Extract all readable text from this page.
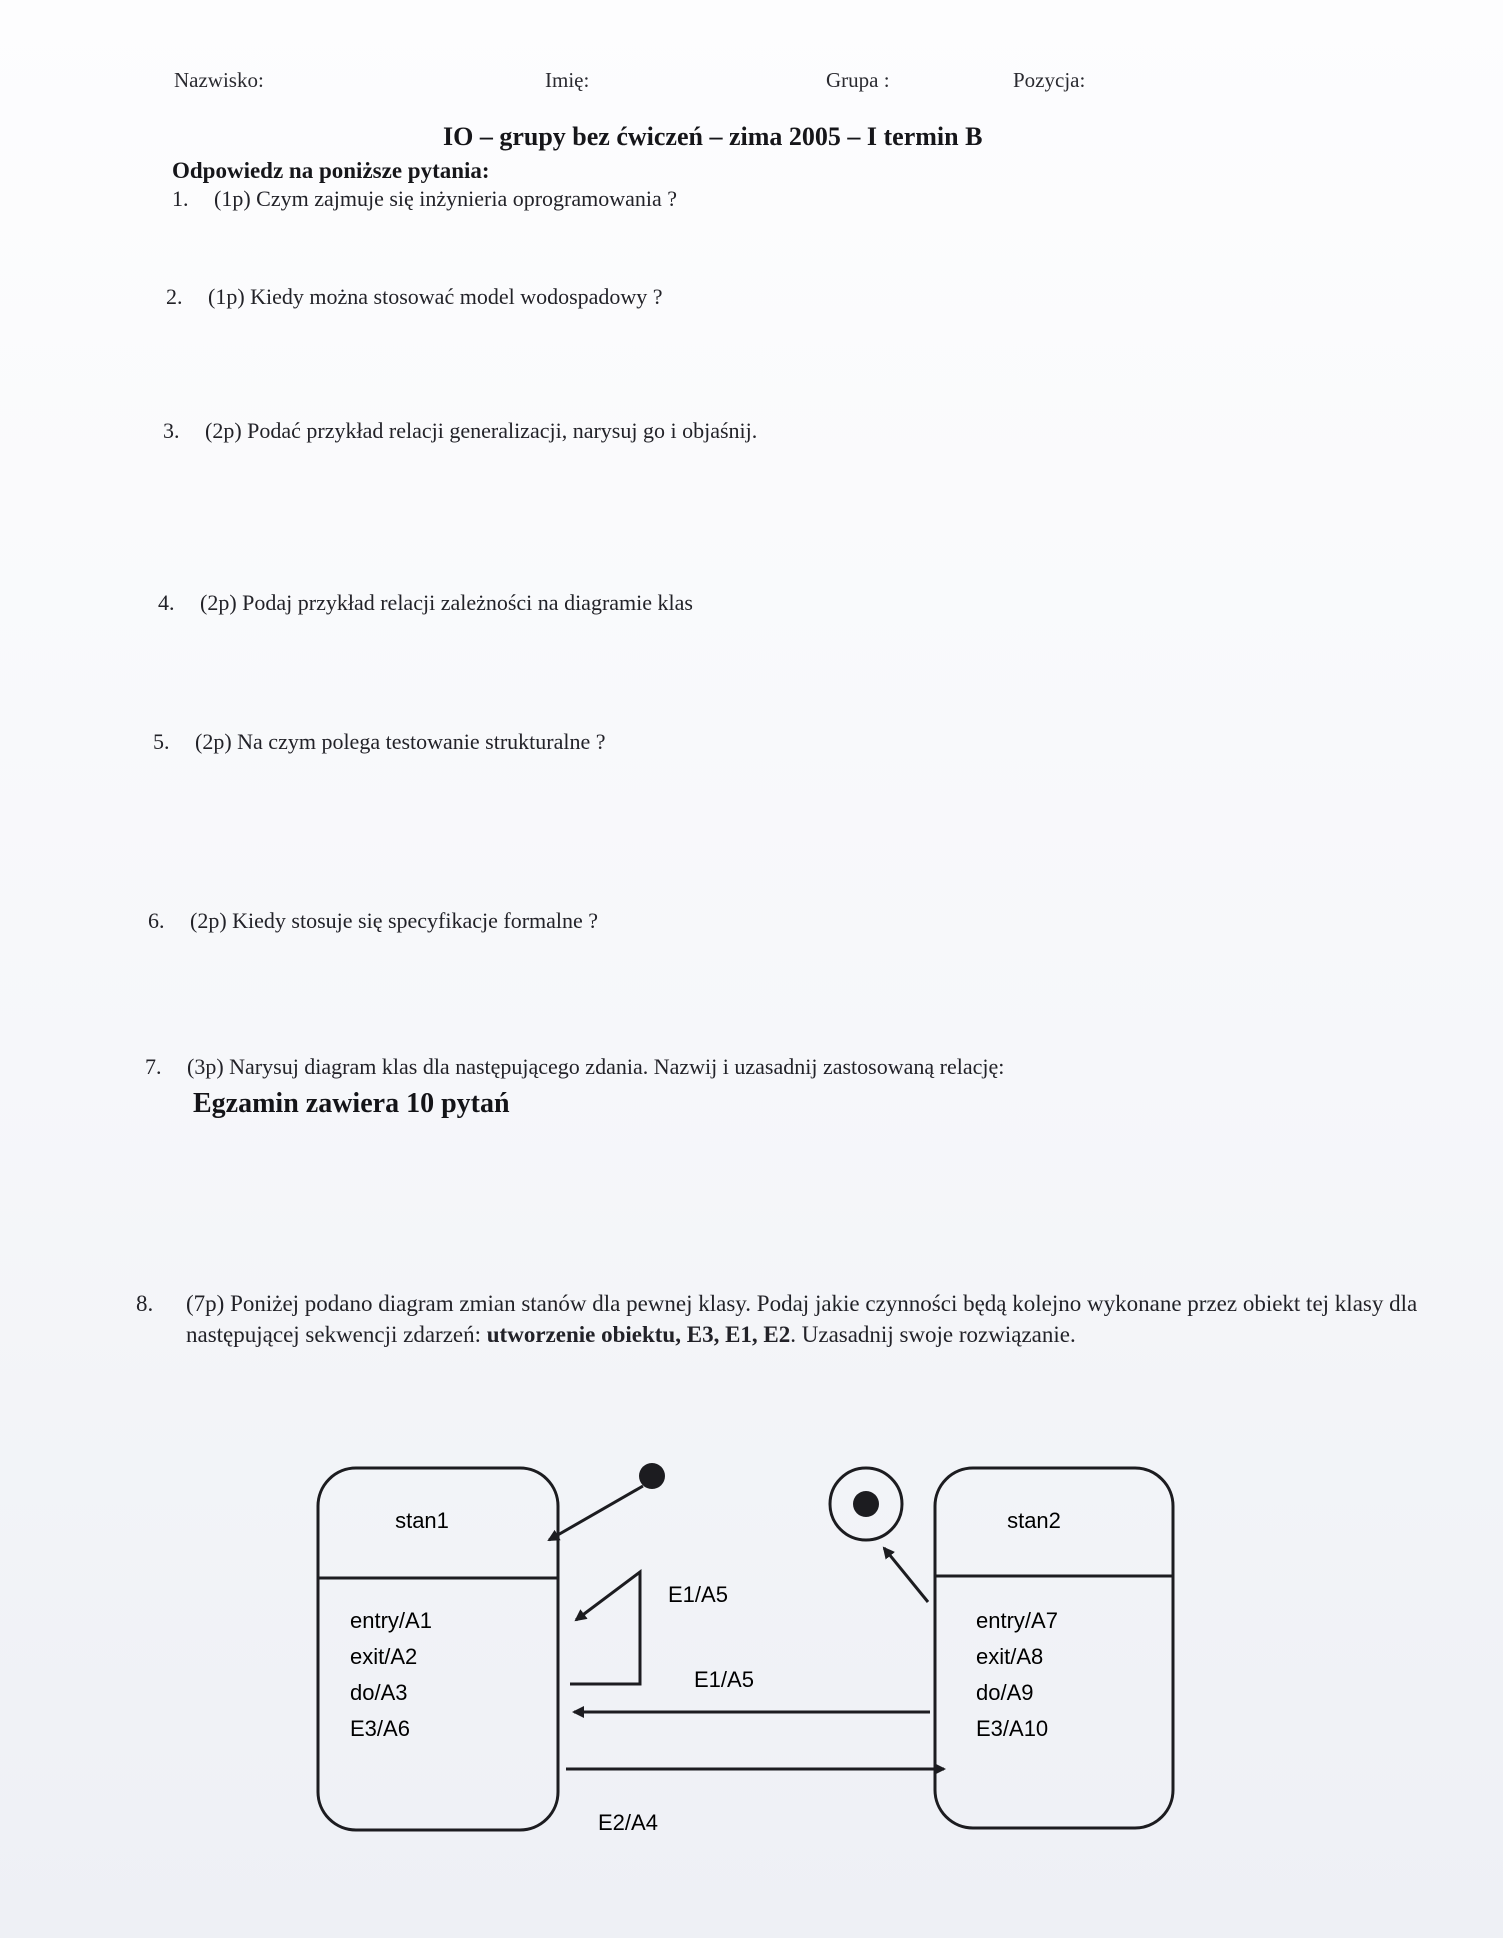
Nazwisko:	Imię:	Grupa :	Pozycja:
IO – grupy bez ćwiczeń – zima 2005 – I termin B
Odpowiedz na poniższe pytania:
1. (1p) Czym zajmuje się inżynieria oprogramowania ?
2. (1p) Kiedy można stosować model wodospadowy ?
3. (2p) Podać przykład relacji generalizacji, narysuj go i objaśnij.
4. (2p) Podaj przykład relacji zależności na diagramie klas
5. (2p) Na czym polega testowanie strukturalne ?
6. (2p) Kiedy stosuje się specyfikacje formalne ?
7. (3p) Narysuj diagram klas dla następującego zdania. Nazwij i uzasadnij zastosowaną relację:
Egzamin zawiera 10 pytań
8. (7p) Poniżej podano diagram zmian stanów dla pewnej klasy. Podaj jakie czynności będą kolejno wykonane przez obiekt tej klasy dla następującej sekwencji zdarzeń: utworzenie obiektu, E3, E1, E2. Uzasadnij swoje rozwiązanie.
stan1
entry/A1
exit/A2
do/A3
E3/A6
stan2
entry/A7
exit/A8
do/A9
E3/A10
E1/A5
E1/A5
E2/A4
